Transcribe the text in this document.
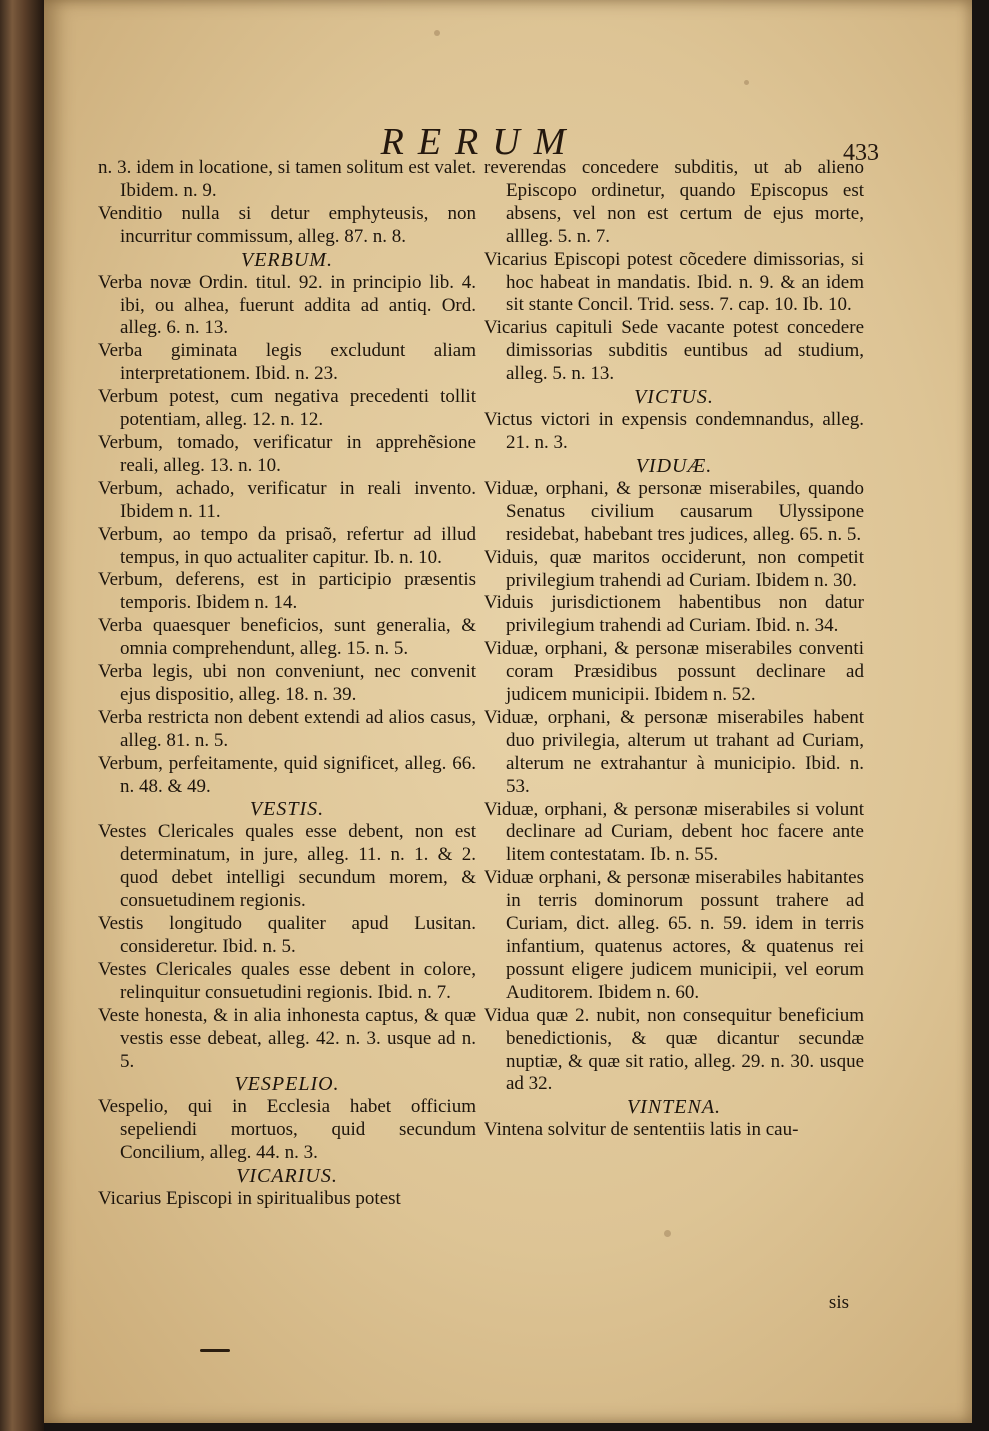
RERUM	433

n. 3. idem in locatione, si tamen solitum est valet. Ibidem. n. 9.

Venditio nulla si detur emphyteusis, non incurritur commissum, alleg. 87. n. 8.

VERBUM.

Verba novæ Ordin. titul. 92. in principio lib. 4. ibi, ou alhea, fuerunt addita ad antiq. Ord. alleg. 6. n. 13.

Verba giminata legis excludunt aliam interpretationem. Ibid. n. 23.

Verbum potest, cum negativa precedenti tollit potentiam, alleg. 12. n. 12.

Verbum, tomado, verificatur in apprehẽsione reali, alleg. 13. n. 10.

Verbum, achado, verificatur in reali invento. Ibidem n. 11.

Verbum, ao tempo da prisaõ, refertur ad illud tempus, in quo actualiter capitur. Ib. n. 10.

Verbum, deferens, est in participio præsentis temporis. Ibidem n. 14.

Verba quaesquer beneficios, sunt generalia, & omnia comprehendunt, alleg. 15. n. 5.

Verba legis, ubi non conveniunt, nec convenit ejus dispositio, alleg. 18. n. 39.

Verba restricta non debent extendi ad alios casus, alleg. 81. n. 5.

Verbum, perfeitamente, quid significet, alleg. 66. n. 48. & 49.

VESTIS.

Vestes Clericales quales esse debent, non est determinatum, in jure, alleg. 11. n. 1. & 2. quod debet intelligi secundum morem, & consuetudinem regionis.

Vestis longitudo qualiter apud Lusitan. consideretur. Ibid. n. 5.

Vestes Clericales quales esse debent in colore, relinquitur consuetudini regionis. Ibid. n. 7.

Veste honesta, & in alia inhonesta captus, & quæ vestis esse debeat, alleg. 42. n. 3. usque ad n. 5.

VESPELIO.

Vespelio, qui in Ecclesia habet officium sepeliendi mortuos, quid secundum Concilium, alleg. 44. n. 3.

VICARIUS.

Vicarius Episcopi in spiritualibus potest

reverendas concedere subditis, ut ab alieno Episcopo ordinetur, quando Episcopus est absens, vel non est certum de ejus morte, allleg. 5. n. 7.

Vicarius Episcopi potest cõcedere dimissorias, si hoc habeat in mandatis. Ibid. n. 9. & an idem sit stante Concil. Trid. sess. 7. cap. 10. Ib. 10.

Vicarius capituli Sede vacante potest concedere dimissorias subditis euntibus ad studium, alleg. 5. n. 13.

VICTUS.

Victus victori in expensis condemnandus, alleg. 21. n. 3.

VIDUÆ.

Viduæ, orphani, & personæ miserabiles, quando Senatus civilium causarum Ulyssipone residebat, habebant tres judices, alleg. 65. n. 5.

Viduis, quæ maritos occiderunt, non competit privilegium trahendi ad Curiam. Ibidem n. 30.

Viduis jurisdictionem habentibus non datur privilegium trahendi ad Curiam. Ibid. n. 34.

Viduæ, orphani, & personæ miserabiles conventi coram Præsidibus possunt declinare ad judicem municipii. Ibidem n. 52.

Viduæ, orphani, & personæ miserabiles habent duo privilegia, alterum ut trahant ad Curiam, alterum ne extrahantur à municipio. Ibid. n. 53.

Viduæ, orphani, & personæ miserabiles si volunt declinare ad Curiam, debent hoc facere ante litem contestatam. Ib. n. 55.

Viduæ orphani, & personæ miserabiles habitantes in terris dominorum possunt trahere ad Curiam, dict. alleg. 65. n. 59. idem in terris infantium, quatenus actores, & quatenus rei possunt eligere judicem municipii, vel eorum Auditorem. Ibidem n. 60.

Vidua quæ 2. nubit, non consequitur beneficium benedictionis, & quæ dicantur secundæ nuptiæ, & quæ sit ratio, alleg. 29. n. 30. usque ad 32.

VINTENA.

Vintena solvitur de sententiis latis in cau-

sis
